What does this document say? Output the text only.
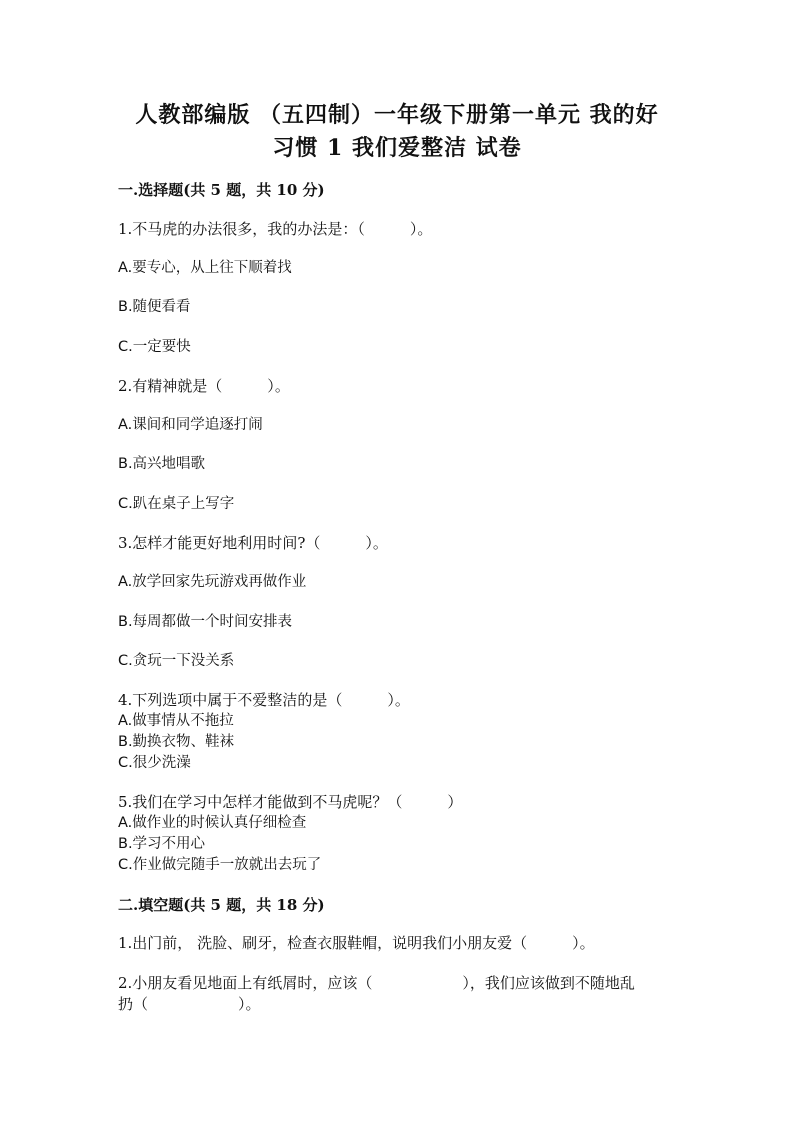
人教部编版 （五四制）一年级下册第一单元 我的好
习惯 1 我们爱整洁 试卷
一.选择题(共 5 题，共 10 分)
1.不马虎的办法很多，我的办法是：（　　　）。
A.要专心，从上往下顺着找
B.随便看看
C.一定要快
2.有精神就是（　　　）。
A.课间和同学追逐打闹
B.高兴地唱歌
C.趴在桌子上写字
3.怎样才能更好地利用时间?（　　　）。
A.放学回家先玩游戏再做作业
B.每周都做一个时间安排表
C.贪玩一下没关系
4.下列选项中属于不爱整洁的是（　　　）。
A.做事情从不拖拉
B.勤换衣物、鞋袜
C.很少洗澡
5.我们在学习中怎样才能做到不马虎呢？（　　　）
A.做作业的时候认真仔细检查
B.学习不用心
C.作业做完随手一放就出去玩了
二.填空题(共 5 题，共 18 分)
1.出门前， 洗脸、刷牙，检查衣服鞋帽，说明我们小朋友爱（　　　）。
2.小朋友看见地面上有纸屑时，应该（　　　　　　），我们应该做到不随地乱
扔（　　　　　　）。
